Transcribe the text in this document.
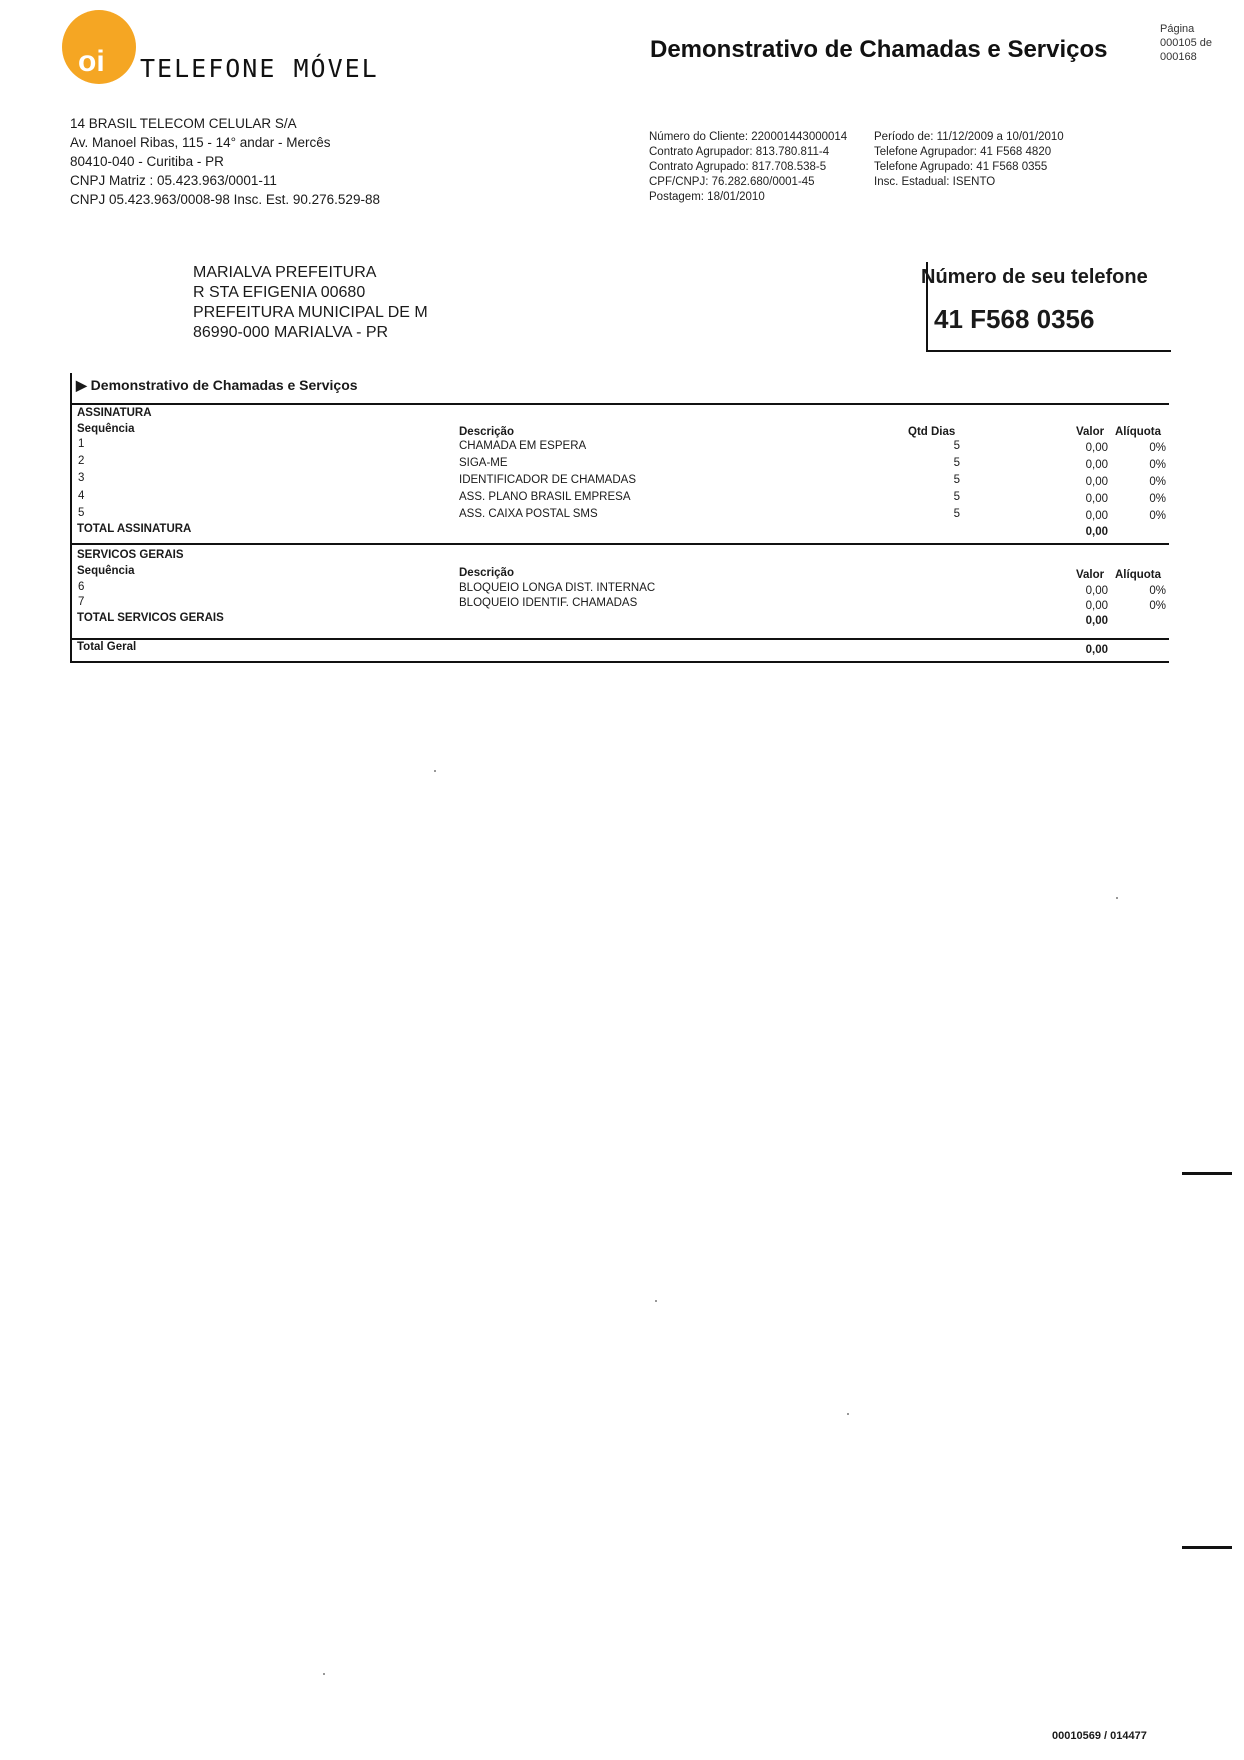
oi TELEFONE MÓVEL
Demonstrativo de Chamadas e Serviços
Página
000105 de
000168
14 BRASIL TELECOM CELULAR S/A
Av. Manoel Ribas, 115 - 14° andar - Mercês
80410-040 - Curitiba - PR
CNPJ Matriz : 05.423.963/0001-11
CNPJ 05.423.963/0008-98 Insc. Est. 90.276.529-88
Número do Cliente: 220001443000014
Contrato Agrupador: 813.780.811-4
Contrato Agrupado: 817.708.538-5
CPF/CNPJ: 76.282.680/0001-45
Postagem: 18/01/2010
Período de: 11/12/2009 a 10/01/2010
Telefone Agrupador: 41 F568 4820
Telefone Agrupado: 41 F568 0355
Insc. Estadual: ISENTO
MARIALVA PREFEITURA
R STA EFIGENIA 00680
PREFEITURA MUNICIPAL DE M
86990-000 MARIALVA - PR
Número de seu telefone
41 F568 0356
▶ Demonstrativo de Chamadas e Serviços
ASSINATURA
Sequência	Descrição	Qtd Dias	Valor Alíquota
1	CHAMADA EM ESPERA	5	0,00	0%
2	SIGA-ME	5	0,00	0%
3	IDENTIFICADOR DE CHAMADAS	5	0,00	0%
4	ASS. PLANO BRASIL EMPRESA	5	0,00	0%
5	ASS. CAIXA POSTAL SMS	5	0,00	0%
TOTAL ASSINATURA	0,00
SERVICOS GERAIS
Sequência	Descrição	Valor Alíquota
6	BLOQUEIO LONGA DIST. INTERNAC	0,00	0%
7	BLOQUEIO IDENTIF. CHAMADAS	0,00	0%
TOTAL SERVICOS GERAIS	0,00
Total Geral	0,00
00010569 / 014477
